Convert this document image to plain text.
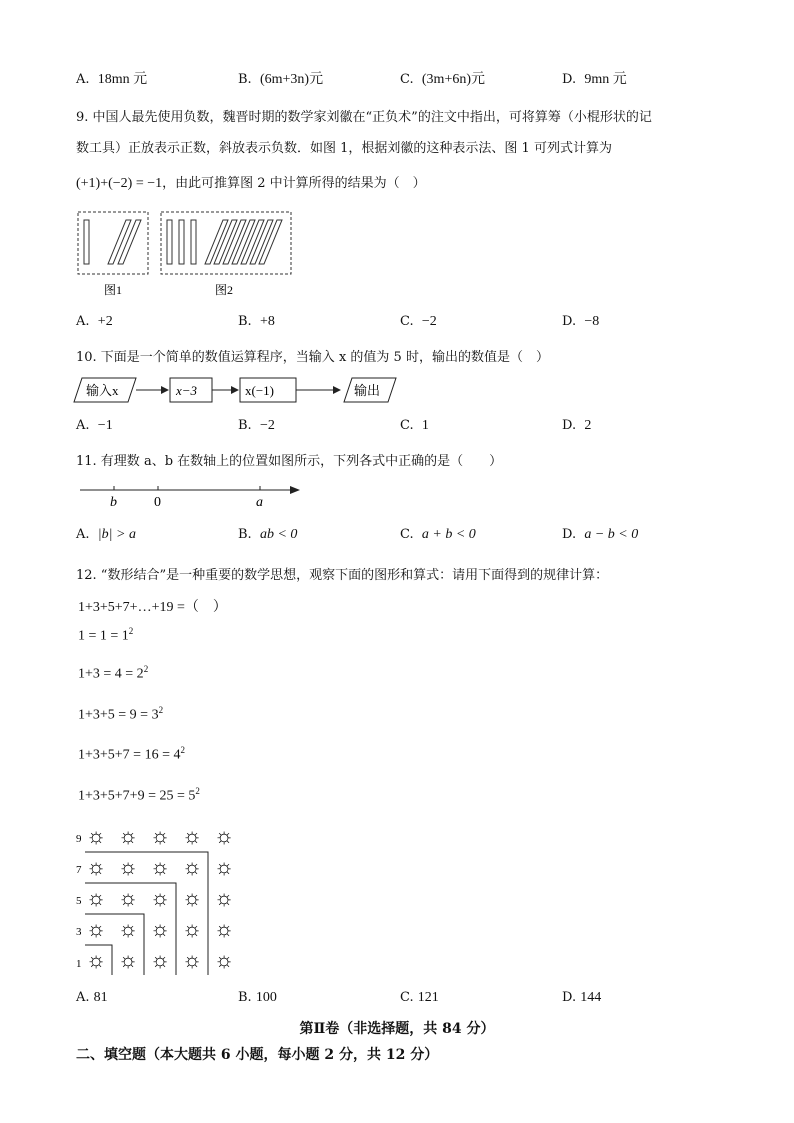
A. 18mn 元	B. (6m+3n)元	C. (3m+6n)元	D. 9mn 元
9. 中国人最先使用负数，魏晋时期的数学家刘徽在“正负术”的注文中指出，可将算筹（小棍形状的记
数工具）正放表示正数，斜放表示负数．如图 1，根据刘徽的这种表示法、图 1 可列式计算为
(+1)+(−2) = −1，由此可推算图 2 中计算所得的结果为（　）
图1	图2
A. +2	B. +8	C. −2	D. −8
10. 下面是一个简单的数值运算程序，当输入 x 的值为 5 时，输出的数值是（　）
输入x	x−3	x(−1)	输出
A. −1	B. −2	C. 1	D. 2
11. 有理数 a、b 在数轴上的位置如图所示，下列各式中正确的是（　　）
b	0	a
A. |b| > a	B. ab < 0	C. a + b < 0	D. a − b < 0
12. “数形结合”是一种重要的数学思想，观察下面的图形和算式：请用下面得到的规律计算：
1+3+5+7+…+19 =（　）
$1 = 1 = 1^2$
$1+3 = 4 = 2^2$
$1+3+5 = 9 = 3^2$
$1+3+5+7 = 16 = 4^2$
$1+3+5+7+9 = 25 = 5^2$
9
7
5
3
1
☼ ☼ ☼ ☼ ☼
☼ ☼ ☼ ☼ ☼
☼ ☼ ☼ ☼ ☼
☼ ☼ ☼ ☼ ☼
☼ ☼ ☼ ☼ ☼
A. 81	B. 100	C. 121	D. 144
第Ⅱ卷（非选择题，共 84 分）
二、填空题（本大题共 6 小题，每小题 2 分，共 12 分）
